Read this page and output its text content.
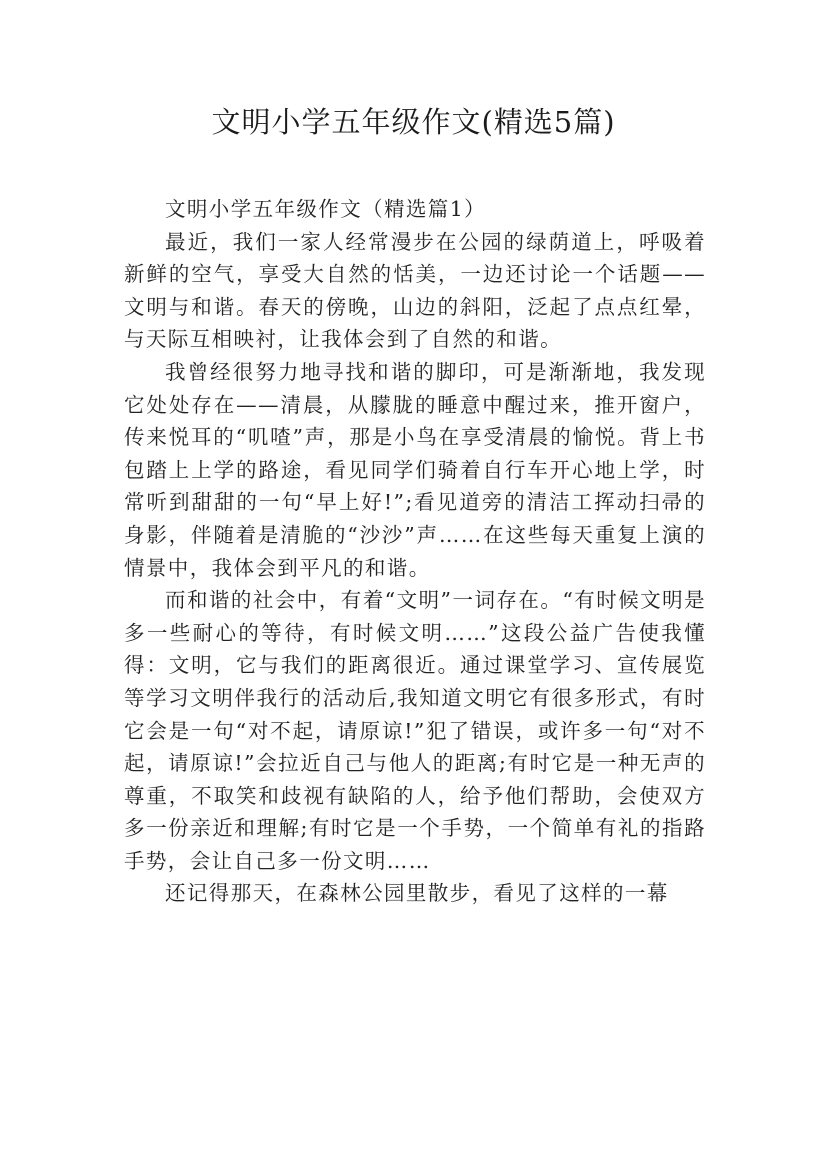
文明小学五年级作文(精选5篇)

文明小学五年级作文（精选篇1）

最近，我们一家人经常漫步在公园的绿荫道上，呼吸着新鲜的空气，享受大自然的恬美，一边还讨论一个话题——文明与和谐。春天的傍晚，山边的斜阳，泛起了点点红晕，与天际互相映衬，让我体会到了自然的和谐。

我曾经很努力地寻找和谐的脚印，可是渐渐地，我发现它处处存在——清晨，从朦胧的睡意中醒过来，推开窗户，传来悦耳的“叽喳”声，那是小鸟在享受清晨的愉悦。背上书包踏上上学的路途，看见同学们骑着自行车开心地上学，时常听到甜甜的一句“早上好!”;看见道旁的清洁工挥动扫帚的身影，伴随着是清脆的“沙沙”声……在这些每天重复上演的情景中，我体会到平凡的和谐。

而和谐的社会中，有着“文明”一词存在。“有时候文明是多一些耐心的等待，有时候文明……”这段公益广告使我懂得：文明，它与我们的距离很近。通过课堂学习、宣传展览等学习文明伴我行的活动后,我知道文明它有很多形式，有时它会是一句“对不起，请原谅!”犯了错误，或许多一句“对不起，请原谅!”会拉近自己与他人的距离;有时它是一种无声的尊重，不取笑和歧视有缺陷的人，给予他们帮助，会使双方多一份亲近和理解;有时它是一个手势，一个简单有礼的指路手势，会让自己多一份文明……

还记得那天，在森林公园里散步，看见了这样的一幕
